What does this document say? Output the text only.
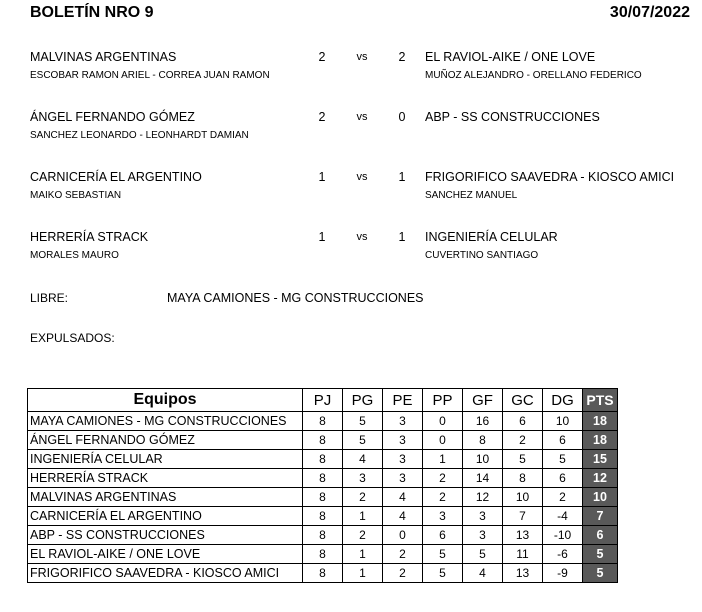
BOLETÍN NRO 9	30/07/2022
MALVINAS ARGENTINAS	2	vs	2	EL RAVIOL-AIKE / ONE LOVE
ESCOBAR RAMON ARIEL - CORREA JUAN RAMON	MUÑOZ ALEJANDRO - ORELLANO FEDERICO
ÁNGEL FERNANDO GÓMEZ	2	vs	0	ABP - SS CONSTRUCCIONES
SANCHEZ LEONARDO - LEONHARDT DAMIAN
CARNICERÍA EL ARGENTINO	1	vs	1	FRIGORIFICO SAAVEDRA - KIOSCO AMICI
MAIKO SEBASTIAN	SANCHEZ MANUEL
HERRERÍA STRACK	1	vs	1	INGENIERÍA CELULAR
MORALES MAURO	CUVERTINO SANTIAGO
LIBRE:	MAYA CAMIONES - MG CONSTRUCCIONES
EXPULSADOS:
Equipos	PJ	PG	PE	PP	GF	GC	DG	PTS
MAYA CAMIONES - MG CONSTRUCCIONES	8	5	3	0	16	6	10	18
ÁNGEL FERNANDO GÓMEZ	8	5	3	0	8	2	6	18
INGENIERÍA CELULAR	8	4	3	1	10	5	5	15
HERRERÍA STRACK	8	3	3	2	14	8	6	12
MALVINAS ARGENTINAS	8	2	4	2	12	10	2	10
CARNICERÍA EL ARGENTINO	8	1	4	3	3	7	-4	7
ABP - SS CONSTRUCCIONES	8	2	0	6	3	13	-10	6
EL RAVIOL-AIKE / ONE LOVE	8	1	2	5	5	11	-6	5
FRIGORIFICO SAAVEDRA - KIOSCO AMICI	8	1	2	5	4	13	-9	5
